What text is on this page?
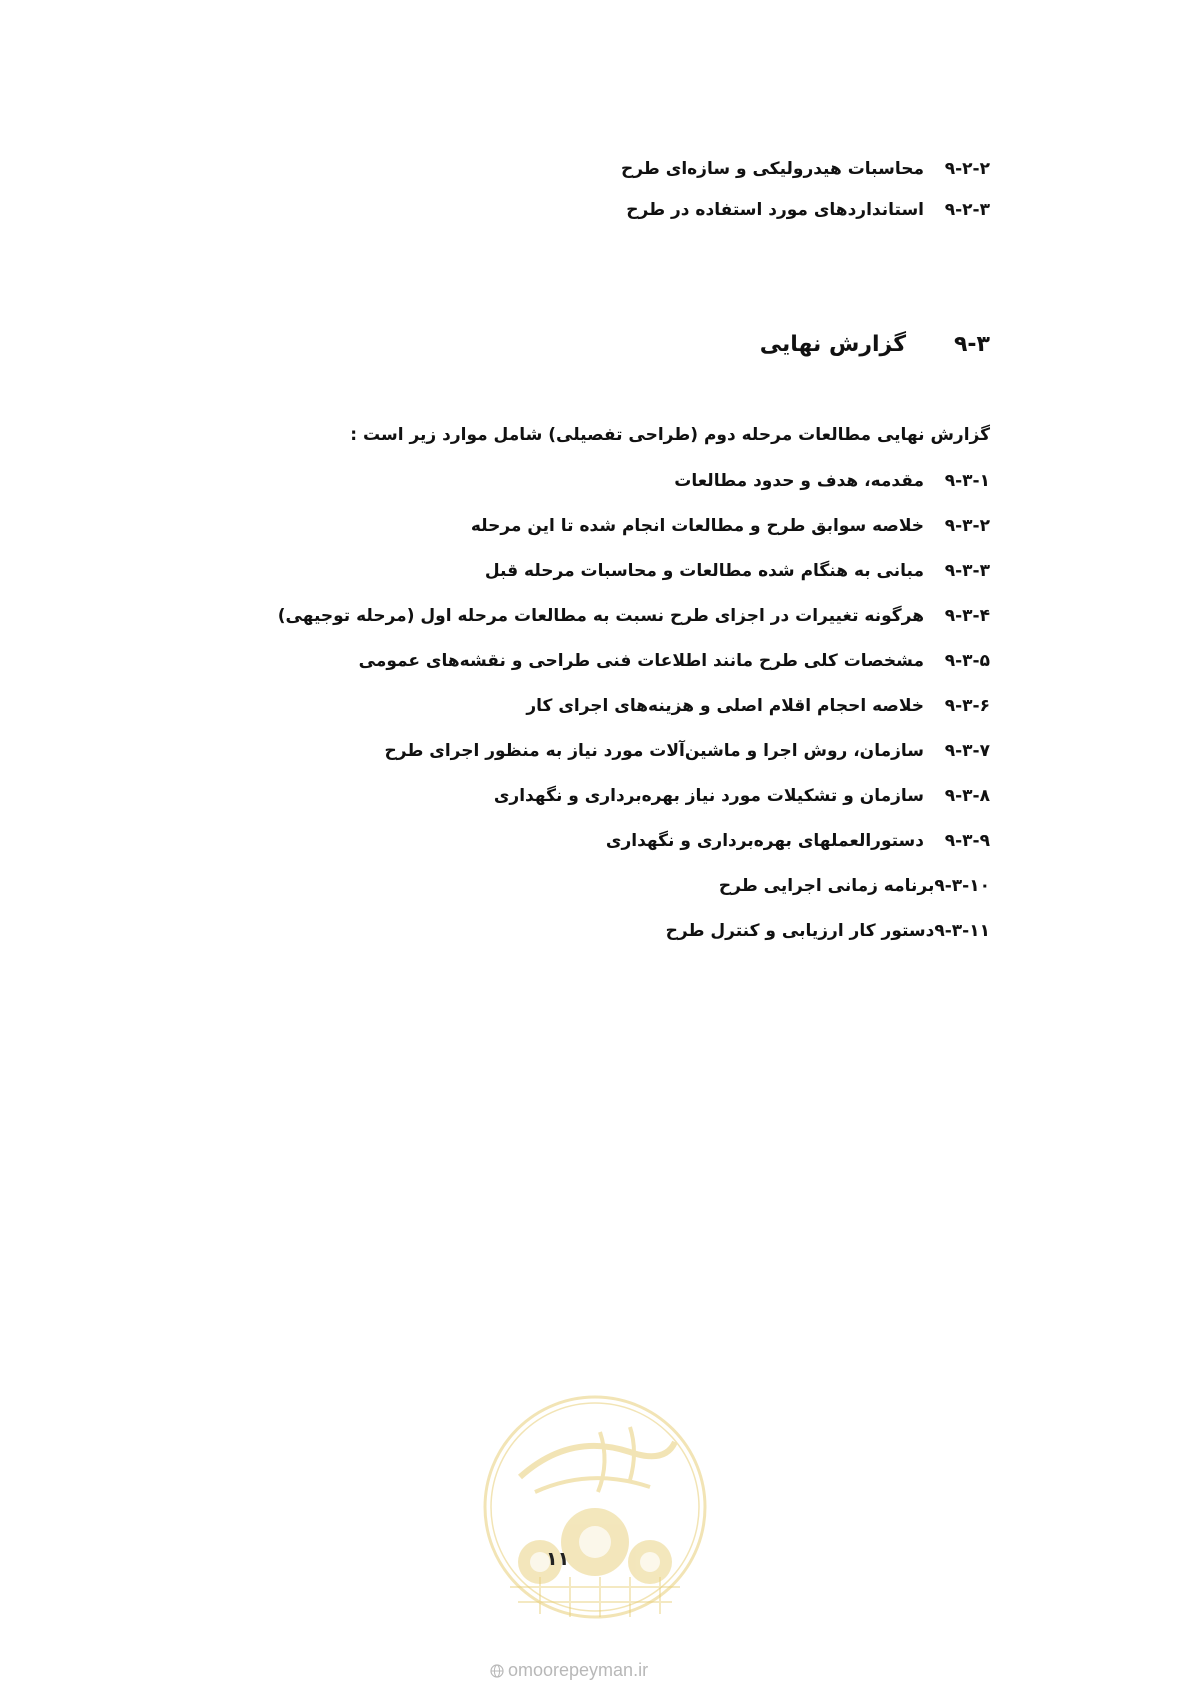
۹-۲-۲
محاسبات هیدرولیکی و سازه‌ای طرح
۹-۲-۳
استانداردهای مورد استفاده در طرح
۹-۳
گزارش نهایی
گزارش نهایی مطالعات مرحله دوم (طراحی تفصیلی) شامل موارد زیر است :
۹-۳-۱
مقدمه، هدف و حدود مطالعات
۹-۳-۲
خلاصه سوابق طرح و مطالعات انجام شده تا این مرحله
۹-۳-۳
مبانی به هنگام شده مطالعات و محاسبات مرحله قبل
۹-۳-۴
هرگونه تغییرات در اجزای طرح نسبت به مطالعات مرحله اول (مرحله توجیهی)
۹-۳-۵
مشخصات کلی طرح مانند اطلاعات فنی طراحی و نقشه‌های عمومی
۹-۳-۶
خلاصه احجام اقلام اصلی و هزینه‌های اجرای کار
۹-۳-۷
سازمان، روش اجرا و ماشین‌آلات مورد نیاز به منظور اجرای طرح
۹-۳-۸
سازمان و تشکیلات مورد نیاز بهره‌برداری و نگهداری
۹-۳-۹
دستورالعملهای بهره‌برداری و نگهداری
۹-۳-۱۰
برنامه زمانی اجرایی طرح
۹-۳-۱۱
دستور کار ارزیابی و کنترل طرح
۱۱
omoorepeyman.ir
